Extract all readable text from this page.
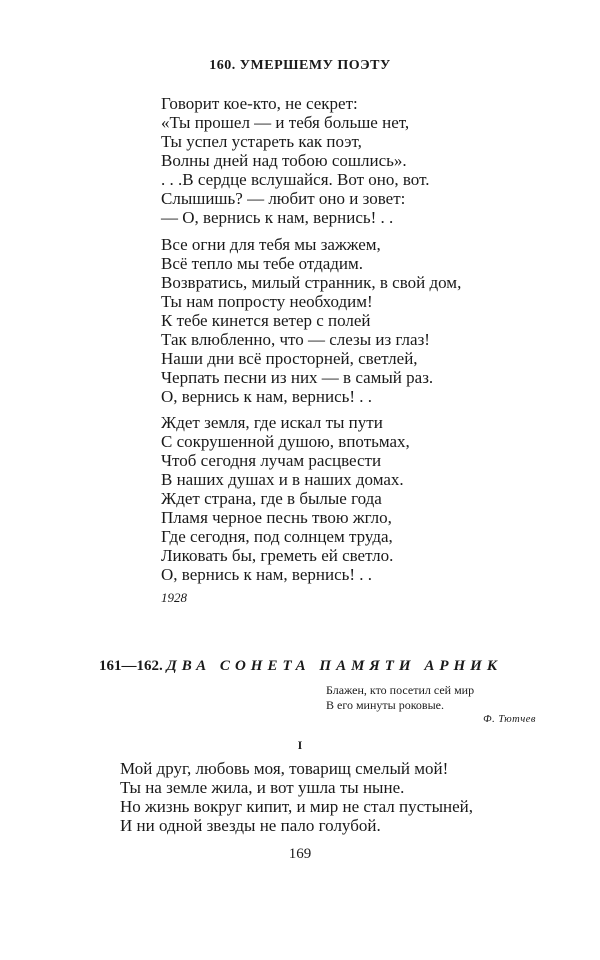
160. УМЕРШЕМУ ПОЭТУ
Говорит кое-кто, не секрет:
«Ты прошел — и тебя больше нет,
Ты успел устареть как поэт,
Волны дней над тобою сошлись».
. . .В сердце вслушайся. Вот оно, вот.
Слышишь? — любит оно и зовет:
— О, вернись к нам, вернись! . .
Все огни для тебя мы зажжем,
Всё тепло мы тебе отдадим.
Возвратись, милый странник, в свой дом,
Ты нам попросту необходим!
К тебе кинется ветер с полей
Так влюбленно, что — слезы из глаз!
Наши дни всё просторней, светлей,
Черпать песни из них — в самый раз.
О, вернись к нам, вернись! . .
Ждет земля, где искал ты пути
С сокрушенной душою, впотьмах,
Чтоб сегодня лучам расцвести
В наших душах и в наших домах.
Ждет страна, где в былые года
Пламя черное песнь твою жгло,
Где сегодня, под солнцем труда,
Ликовать бы, греметь ей светло.
О, вернись к нам, вернись! . .
1928
161—162. ДВА СОНЕТА ПАМЯТИ АРНИК
Блажен, кто посетил сей мир
В его минуты роковые.
Ф. Тютчев
I
Мой друг, любовь моя, товарищ смелый мой!
Ты на земле жила, и вот ушла ты ныне.
Но жизнь вокруг кипит, и мир не стал пустыней,
И ни одной звезды не пало голубой.
169
